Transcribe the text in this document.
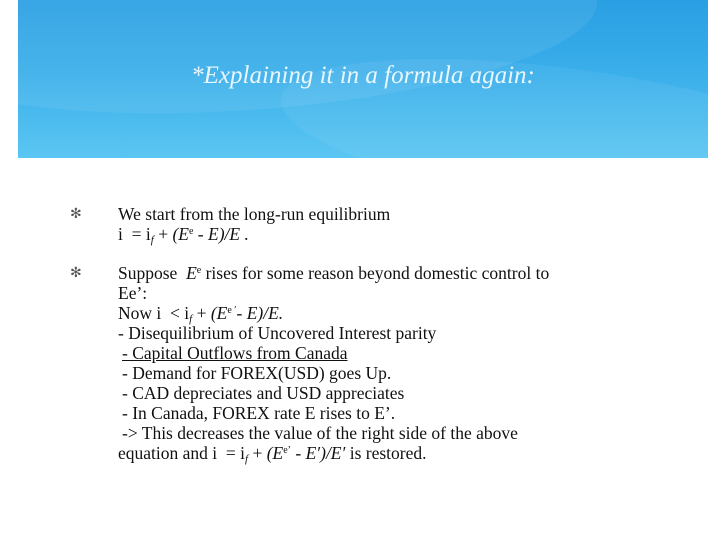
*Explaining it in a formula again:
✻ We start from the long-run equilibrium
$i = i_f + (E^e - E)/E$ .
✻ Suppose $E^e$ rises for some reason beyond domestic control to
Ee’:
Now $i < i_f + (E^{e '}-$ E)/E.
- Disequilibrium of Uncovered Interest parity
- Capital Outflows from Canada
- Demand for FOREX(USD) goes Up.
- CAD depreciates and USD appreciates
- In Canada, FOREX rate E rises to E’.
-> This decreases the value of the right side of the above
equation and $i = i_f + (E^{e’} - E')/E'$ is restored.
